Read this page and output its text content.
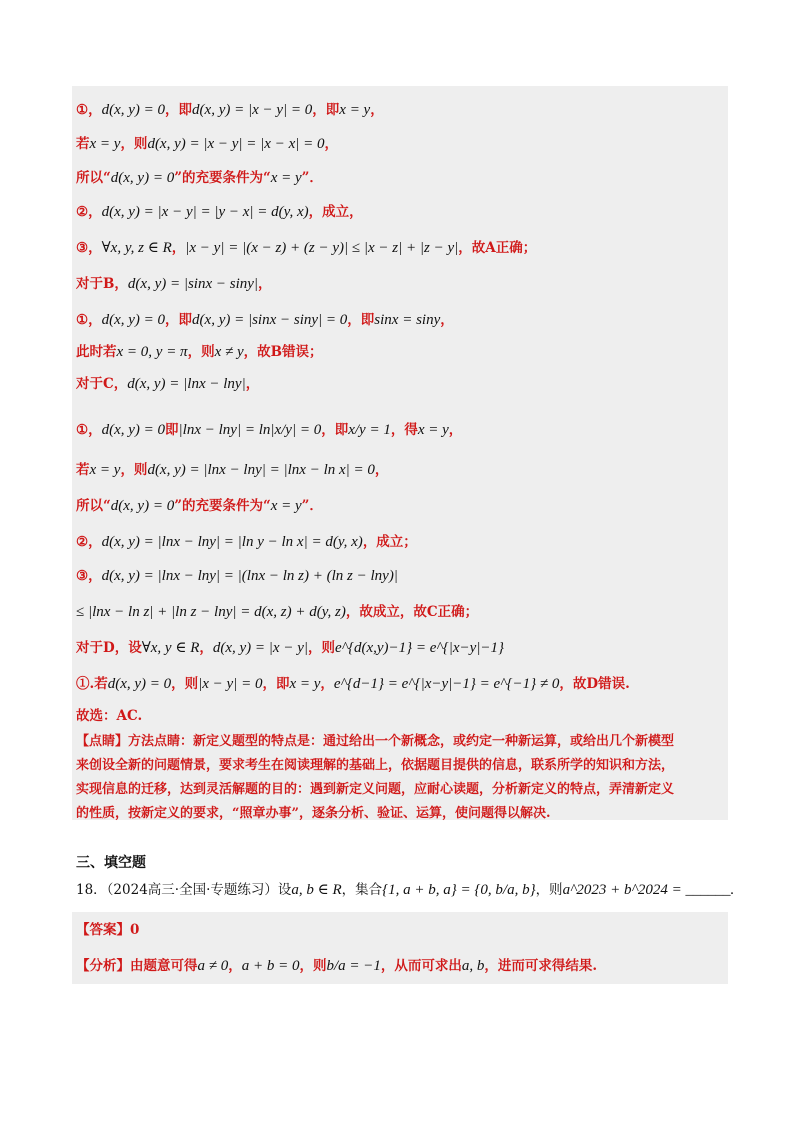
①，d(x, y) = 0，即d(x, y) = |x − y| = 0，即x = y，
若x = y，则d(x, y) = |x − y| = |x − x| = 0，
所以“d(x, y) = 0”的充要条件为“x = y”．
②，d(x, y) = |x − y| = |y − x| = d(y, x)，成立，
③，∀x, y, z ∈ R，|x − y| = |(x − z) + (z − y)| ≤ |x − z| + |z − y|，故A正确；
对于B，d(x, y) = |sinx − siny|，
①，d(x, y) = 0，即d(x, y) = |sinx − siny| = 0，即sinx = siny，
此时若x = 0, y = π，则x ≠ y，故B错误；
对于C，d(x, y) = |lnx − lny|，
①，d(x, y) = 0即|lnx − lny| = ln|x/y| = 0，即x/y = 1，得x = y，
若x = y，则d(x, y) = |lnx − lny| = |lnx − ln x| = 0，
所以“d(x, y) = 0”的充要条件为“x = y”．
②，d(x, y) = |lnx − lny| = |ln y − ln x| = d(y, x)，成立；
③，d(x, y) = |lnx − lny| = |(lnx − ln z) + (ln z − lny)|
≤ |lnx − ln z| + |ln z − lny| = d(x, z) + d(y, z)，故成立，故C正确；
对于D，设∀x, y ∈ R，d(x, y) = |x − y|，则e^{d(x,y)−1} = e^{|x−y|−1}
①.若d(x, y) = 0，则|x − y| = 0，即x = y，e^{d−1} = e^{|x−y|−1} = e^{−1} ≠ 0，故D错误.
故选：AC.
【点睛】方法点睛：新定义题型的特点是：通过给出一个新概念，或约定一种新运算，或给出几个新模型
来创设全新的问题情景，要求考生在阅读理解的基础上，依据题目提供的信息，联系所学的知识和方法，
实现信息的迁移，达到灵活解题的目的：遇到新定义问题，应耐心读题，分析新定义的特点，弄清新定义
的性质，按新定义的要求，“照章办事”，逐条分析、验证、运算，使问题得以解决.
三、填空题
18．（2024高三·全国·专题练习）设a, b ∈ R，集合{1, a + b, a} = {0, b/a, b}，则a^2023 + b^2024 = ______.
【答案】0
【分析】由题意可得a ≠ 0，a + b = 0，则b/a = −1，从而可求出a, b，进而可求得结果.
